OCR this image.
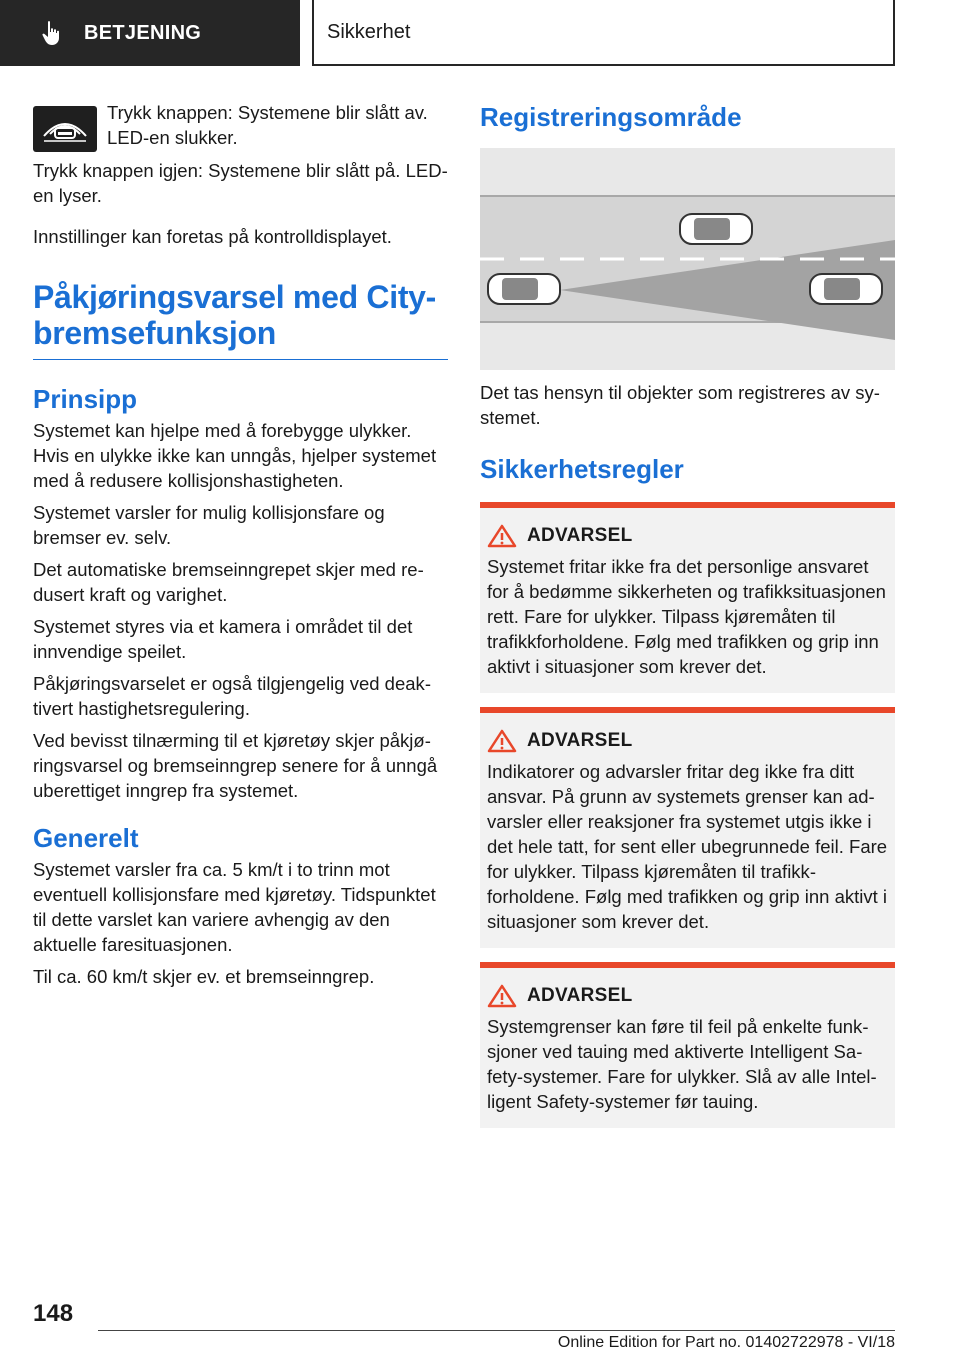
BETJENING	Sikkerhet

Trykk knappen: Systemene blir slått av. LED-en slukker.

Trykk knappen igjen: Systemene blir slått på. LED-en lyser.

Innstillinger kan foretas på kontrolldisplayet.

Påkjøringsvarsel med City-bremsefunksjon
Prinsipp

Systemet kan hjelpe med å forebygge ulykker. Hvis en ulykke ikke kan unngås, hjelper systemet med å redusere kollisjonshastigheten.

Systemet varsler for mulig kollisjonsfare og bremser ev. selv.

Det automatiske bremseinngrepet skjer med redusert kraft og varighet.

Systemet styres via et kamera i området til det innvendige speilet.

Påkjøringsvarselet er også tilgjengelig ved deaktivert hastighetsregulering.

Ved bevisst tilnærming til et kjøretøy skjer påkjøringsvarsel og bremseinngrep senere for å unngå uberettiget inngrep fra systemet.

Generelt

Systemet varsler fra ca. 5 km/t i to trinn mot eventuell kollisjonsfare med kjøretøy. Tidspunktet til dette varslet kan variere avhengig av den aktuelle faresituasjonen.

Til ca. 60 km/t skjer ev. et bremseinngrep.

Registreringsområde

Det tas hensyn til objekter som registreres av systemet.

Sikkerhetsregler
ADVARSEL

Systemet fritar ikke fra det personlige ansvaret for å bedømme sikkerheten og trafikksituasjonen rett. Fare for ulykker. Tilpass kjøremåten til trafikkforholdene. Følg med trafikken og grip inn aktivt i situasjoner som krever det.

ADVARSEL

Indikatorer og advarsler fritar deg ikke fra ditt ansvar. På grunn av systemets grenser kan advarsler eller reaksjoner fra systemet utgis ikke i det hele tatt, for sent eller ubegrunnede feil. Fare for ulykker. Tilpass kjøremåten til trafikkforholdene. Følg med trafikken og grip inn aktivt i situasjoner som krever det.

ADVARSEL

Systemgrenser kan føre til feil på enkelte funksjoner ved tauing med aktiverte Intelligent Safety-systemer. Fare for ulykker. Slå av alle Intelligent Safety-systemer før tauing.

148
Online Edition for Part no. 01402722978 - VI/18
